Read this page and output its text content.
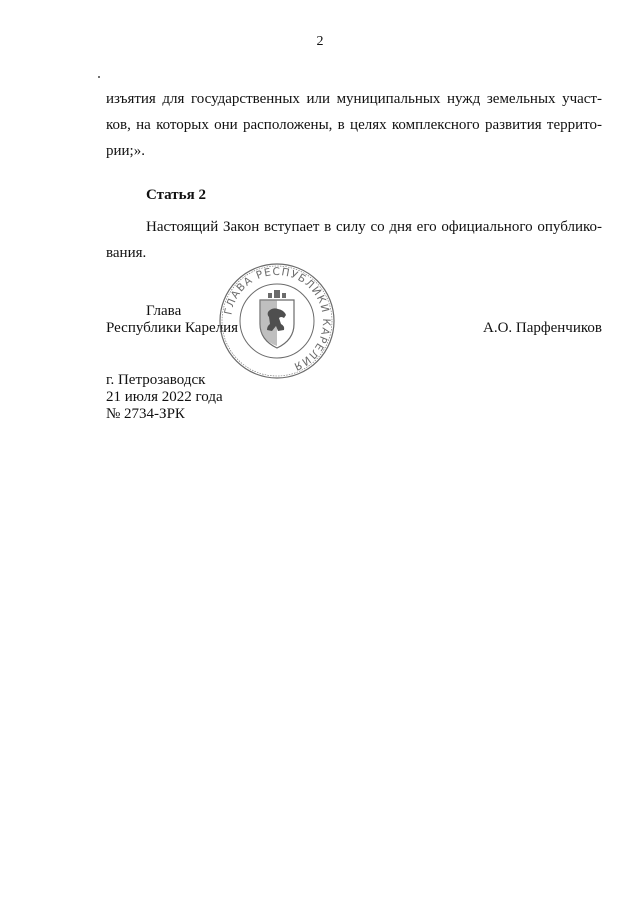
2
изъятия для государственных или муниципальных нужд земельных участ-
ков, на которых они расположены, в целях комплексного развития террито-
рии;».
Статья 2
Настоящий Закон вступает в силу со дня его официального опублико-
вания.
Глава
Республики Карелия	А.О. Парфенчиков
ГЛАВА РЕСПУБЛИКИ КАРЕЛИЯ
г. Петрозаводск
21 июля 2022 года
№ 2734-ЗРК
